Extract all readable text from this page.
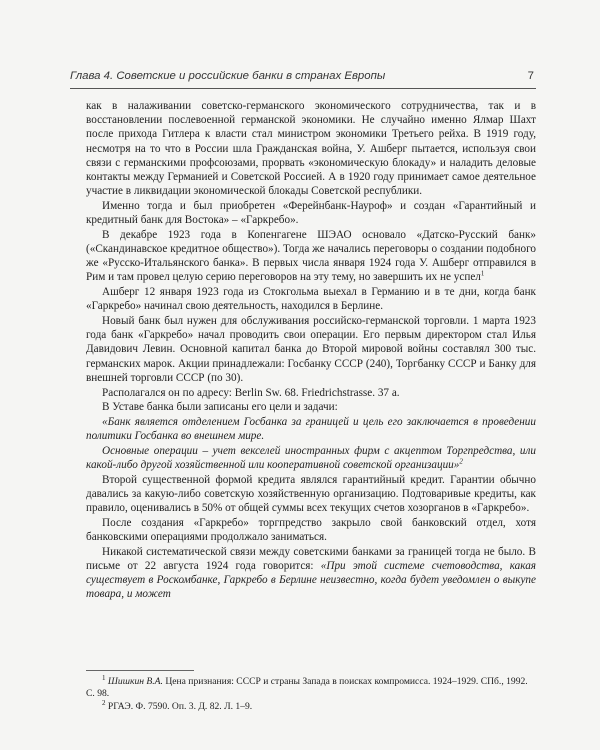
Глава 4. Советские и российские банки в странах Европы	7

как в налаживании советско-германского экономического сотрудничества, так и в восстановлении послевоенной германской экономики. Не случайно именно Ялмар Шахт после прихода Гитлера к власти стал министром экономики Третьего рейха. В 1919 году, несмотря на то что в России шла Гражданская война, У. Ашберг пытается, используя свои связи с германскими профсоюзами, прорвать «экономическую блокаду» и наладить деловые контакты между Германией и Советской Россией. А в 1920 году принимает самое деятельное участие в ликвидации экономической блокады Советской республики.

Именно тогда и был приобретен «Ферейнбанк-Науроф» и создан «Гарантийный и кредитный банк для Востока» – «Гаркребо».

В декабре 1923 года в Копенгагене ШЭАО основало «Датско-Русский банк» («Скандинавское кредитное общество»). Тогда же начались переговоры о создании подобного же «Русско-Итальянского банка». В первых числа января 1924 года У. Ашберг отправился в Рим и там провел целую серию переговоров на эту тему, но завершить их не успел$^1$

Ашберг 12 января 1923 года из Стокгольма выехал в Германию и в те дни, когда банк «Гаркребо» начинал свою деятельность, находился в Берлине.

Новый банк был нужен для обслуживания российско-германской торговли. 1 марта 1923 года банк «Гаркребо» начал проводить свои операции. Его первым директором стал Илья Давидович Левин. Основной капитал банка до Второй мировой войны составлял 300 тыс. германских марок. Акции принадлежали: Госбанку СССР (240), Торгбанку СССР и Банку для внешней торговли СССР (по 30).

Располагался он по адресу: Berlin Sw. 68. Friedrichstrasse. 37 a.

В Уставе банка были записаны его цели и задачи:

«Банк является отделением Госбанка за границей и цель его заключается в проведении политики Госбанка во внешнем мире.

Основные операции – учет векселей иностранных фирм с акцептом Торгпредства, или какой-либо другой хозяйственной или кооперативной советской организации»$^2$

Второй существенной формой кредита являлся гарантийный кредит. Гарантии обычно давались за какую-либо советскую хозяйственную организацию. Подтоваривые кредиты, как правило, оценивались в 50% от общей суммы всех текущих счетов хозорганов в «Гаркребо».

После создания «Гаркребо» торгпредство закрыло свой банковский отдел, хотя банковскими операциями продолжало заниматься.

Никакой систематической связи между советскими банками за границей тогда не было. В письме от 22 августа 1924 года говорится: «При этой системе счетоводства, какая существует в Роскомбанке, Гаркребо в Берлине неизвестно, когда будет уведомлен о выкупе товара, и может

$^1$ Шишкин В.А. Цена признания: СССР и страны Запада в поисках компромисса. 1924–1929. СПб., 1992. С. 98.

$^2$ РГАЭ. Ф. 7590. Оп. 3. Д. 82. Л. 1–9.
